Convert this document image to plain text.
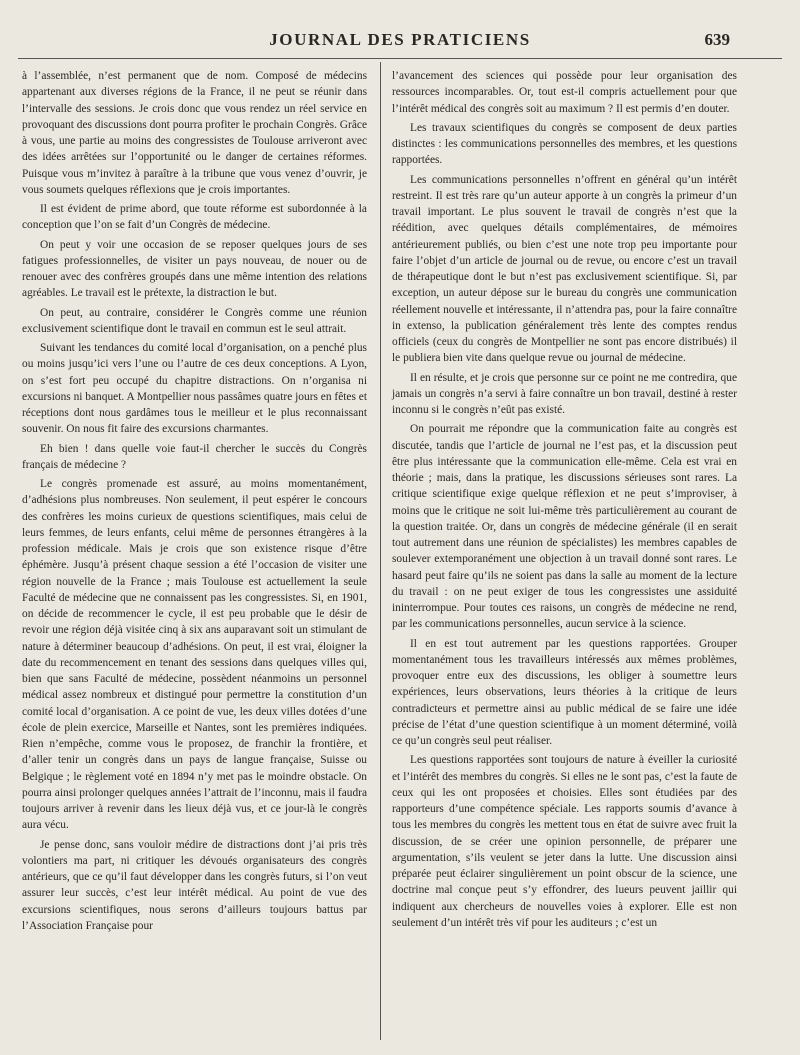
JOURNAL DES PRATICIENS	639

à l’assemblée, n’est permanent que de nom. Composé de médecins appartenant aux diverses régions de la France, il ne peut se réunir dans l’intervalle des sessions. Je crois donc que vous rendez un réel service en provoquant des discussions dont pourra profiter le prochain Congrès. Grâce à vous, une partie au moins des congressistes de Toulouse arriveront avec des idées arrêtées sur l’opportunité ou le danger de certaines réformes. Puisque vous m’invitez à paraître à la tribune que vous venez d’ouvrir, je vous soumets quelques réflexions que je crois importantes.

Il est évident de prime abord, que toute réforme est subordonnée à la conception que l’on se fait d’un Congrès de médecine.

On peut y voir une occasion de se reposer quelques jours de ses fatigues professionnelles, de visiter un pays nouveau, de nouer ou de renouer avec des confrères groupés dans une même intention des relations agréables. Le travail est le prétexte, la distraction le but.

On peut, au contraire, considérer le Congrès comme une réunion exclusivement scientifique dont le travail en commun est le seul attrait.

Suivant les tendances du comité local d’organisation, on a penché plus ou moins jusqu’ici vers l’une ou l’autre de ces deux conceptions. A Lyon, on s’est fort peu occupé du chapitre distractions. On n’organisa ni excursions ni banquet. A Montpellier nous passâmes quatre jours en fêtes et réceptions dont nous gardâmes tous le meilleur et le plus reconnaissant souvenir. On nous fit faire des excursions charmantes.

Eh bien ! dans quelle voie faut-il chercher le succès du Congrès français de médecine ?

Le congrès promenade est assuré, au moins momentanément, d’adhésions plus nombreuses. Non seulement, il peut espérer le concours des confrères les moins curieux de questions scientifiques, mais celui de leurs femmes, de leurs enfants, celui même de personnes étrangères à la profession médicale. Mais je crois que son existence risque d’être éphémère. Jusqu’à présent chaque session a été l’occasion de visiter une région nouvelle de la France ; mais Toulouse est actuellement la seule Faculté de médecine que ne connaissent pas les congressistes. Si, en 1901, on décide de recommencer le cycle, il est peu probable que le désir de revoir une région déjà visitée cinq à six ans auparavant soit un stimulant de nature à déterminer beaucoup d’adhésions. On peut, il est vrai, éloigner la date du recommencement en tenant des sessions dans quelques villes qui, bien que sans Faculté de médecine, possèdent néanmoins un personnel médical assez nombreux et distingué pour permettre la constitution d’un comité local d’organisation. A ce point de vue, les deux villes dotées d’une école de plein exercice, Marseille et Nantes, sont les premières indiquées. Rien n’empêche, comme vous le proposez, de franchir la frontière, et d’aller tenir un congrès dans un pays de langue française, Suisse ou Belgique ; le règlement voté en 1894 n’y met pas le moindre obstacle. On pourra ainsi prolonger quelques années l’attrait de l’inconnu, mais il faudra toujours arriver à revenir dans les lieux déjà vus, et ce jour-là le congrès aura vécu.

Je pense donc, sans vouloir médire de distractions dont j’ai pris très volontiers ma part, ni critiquer les dévoués organisateurs des congrès antérieurs, que ce qu’il faut développer dans les congrès futurs, si l’on veut assurer leur succès, c’est leur intérêt médical. Au point de vue des excursions scientifiques, nous serons d’ailleurs toujours battus par l’Association Française pour

l’avancement des sciences qui possède pour leur organisation des ressources incomparables. Or, tout est-il compris actuellement pour que l’intérêt médical des congrès soit au maximum ? Il est permis d’en douter.

Les travaux scientifiques du congrès se composent de deux parties distinctes : les communications personnelles des membres, et les questions rapportées.

Les communications personnelles n’offrent en général qu’un intérêt restreint. Il est très rare qu’un auteur apporte à un congrès la primeur d’un travail important. Le plus souvent le travail de congrès n’est que la réédition, avec quelques détails complémentaires, de mémoires antérieurement publiés, ou bien c’est une note trop peu importante pour faire l’objet d’un article de journal ou de revue, ou encore c’est un travail de thérapeutique dont le but n’est pas exclusivement scientifique. Si, par exception, un auteur dépose sur le bureau du congrès une communication réellement nouvelle et intéressante, il n’attendra pas, pour la faire connaître in extenso, la publication généralement très lente des comptes rendus officiels (ceux du congrès de Montpellier ne sont pas encore distribués) il le publiera bien vite dans quelque revue ou journal de médecine.

Il en résulte, et je crois que personne sur ce point ne me contredira, que jamais un congrès n’a servi à faire connaître un bon travail, destiné à rester inconnu si le congrès n’eût pas existé.

On pourrait me répondre que la communication faite au congrès est discutée, tandis que l’article de journal ne l’est pas, et la discussion peut être plus intéressante que la communication elle-même. Cela est vrai en théorie ; mais, dans la pratique, les discussions sérieuses sont rares. La critique scientifique exige quelque réflexion et ne peut s’improviser, à moins que le critique ne soit lui-même très particulièrement au courant de la question traitée. Or, dans un congrès de médecine générale (il en serait tout autrement dans une réunion de spécialistes) les membres capables de soulever extemporanément une objection à un travail donné sont rares. Le hasard peut faire qu’ils ne soient pas dans la salle au moment de la lecture du travail : on ne peut exiger de tous les congressistes une assiduité ininterrompue. Pour toutes ces raisons, un congrès de médecine ne rend, par les communications personnelles, aucun service à la science.

Il en est tout autrement par les questions rapportées. Grouper momentanément tous les travailleurs intéressés aux mêmes problèmes, provoquer entre eux des discussions, les obliger à soumettre leurs expériences, leurs observations, leurs théories à la critique de leurs contradicteurs et permettre ainsi au public médical de se faire une idée précise de l’état d’une question scientifique à un moment déterminé, voilà ce qu’un congrès seul peut réaliser.

Les questions rapportées sont toujours de nature à éveiller la curiosité et l’intérêt des membres du congrès. Si elles ne le sont pas, c’est la faute de ceux qui les ont proposées et choisies. Elles sont étudiées par des rapporteurs d’une compétence spéciale. Les rapports soumis d’avance à tous les membres du congrès les mettent tous en état de suivre avec fruit la discussion, de se créer une opinion personnelle, de préparer une argumentation, s’ils veulent se jeter dans la lutte. Une discussion ainsi préparée peut éclairer singulièrement un point obscur de la science, une doctrine mal conçue peut s’y effondrer, des lueurs peuvent jaillir qui indiquent aux chercheurs de nouvelles voies à explorer. Elle est non seulement d’un intérêt très vif pour les auditeurs ; c’est un
